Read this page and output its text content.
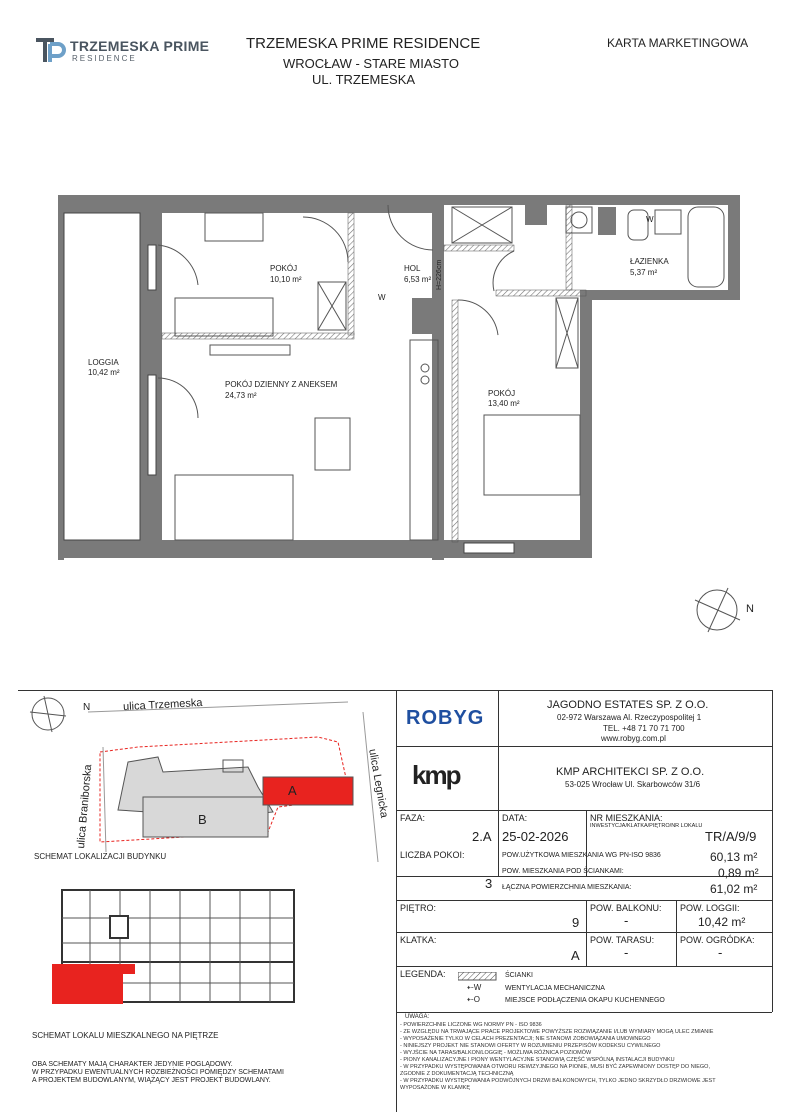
TRZEMESKA PRIME
RESIDENCE
TRZEMESKA PRIME RESIDENCE
WROCŁAW - STARE MIASTO
UL. TRZEMESKA
KARTA MARKETINGOWA
POKÓJ
10,10 m²
HOL
6,53 m²
ŁAZIENKA
5,37 m²
LOGGIA
10,42 m²
POKÓJ DZIENNY Z ANEKSEM
24,73 m²	POKÓJ
13,40 m²
H=226cm
W
W
N
ulica Trzemeska
ulica Braniborska	ulica Legnicka
A
B
N
SCHEMAT LOKALIZACJI BUDYNKU
SCHEMAT LOKALU MIESZKALNEGO NA PIĘTRZE
OBA SCHEMATY MAJĄ CHARAKTER JEDYNIE POGLĄDOWY.
W PRZYPADKU EWENTUALNYCH ROZBIEŻNOŚCI POMIĘDZY SCHEMATAMI
A PROJEKTEM BUDOWLANYM, WIĄŻĄCY JEST PROJEKT BUDOWLANY.
ROBYG
JAGODNO ESTATES SP. Z O.O.
02-972 Warszawa Al. Rzeczypospolitej 1
TEL. +48 71 70 71 700
www.robyg.com.pl
kmp	KMP ARCHITEKCI SP. Z O.O.
53-025 Wrocław Ul. Skarbowców 31/6
FAZA:
2.A
DATA:
25-02-2026
NR MIESZKANIA:
INWESTYCJA/KLATKA/PIĘTRO/NR LOKALU
TR/A/9/9
LICZBA POKOI:
3
POW.UŻYTKOWA MIESZKANIA WG PN-ISO 9836	60,13 m²
POW. MIESZKANIA POD ŚCIANKAMI:	0,89 m²
ŁĄCZNA POWIERZCHNIA MIESZKANIA:	61,02 m²
PIĘTRO:
9
POW. BALKONU:
-
POW. LOGGII:
10,42 m²
KLATKA:
A
POW. TARASU:
-
POW. OGRÓDKA:
-
LEGENDA:	ŚCIANKI
⇠W	WENTYLACJA MECHANICZNA
⇠O	MIEJSCE PODŁĄCZENIA OKAPU KUCHENNEGO
UWAGA:
- POWIERZCHNIE LICZONE WG NORMY PN - ISO 9836
- ZE WZGLĘDU NA TRWAJĄCE PRACE PROJEKTOWE POWYŻSZE ROZWIĄZANIE I/LUB WYMIARY MOGĄ ULEC ZMIANIE
- WYPOSAŻENIE TYLKO W CELACH PREZENTACJI; NIE STANOWI ZOBOWIĄZANIA UMOWNEGO
- NINIEJSZY PROJEKT NIE STANOWI OFERTY W ROZUMIENIU PRZEPISÓW KODEKSU CYWILNEGO
- WYJŚCIE NA TARAS/BALKON/LOGGIĘ - MOŻLIWA RÓŻNICA POZIOMÓW
- PIONY KANALIZACYJNE I PIONY WENTYLACYJNE STANOWIĄ CZĘŚĆ WSPÓLNĄ INSTALACJI BUDYNKU
- W PRZYPADKU WYSTĘPOWANIA OTWORU REWIZYJNEGO NA PIONIE, MUSI BYĆ ZAPEWNIONY DOSTĘP DO NIEGO,
ZGODNIE Z DOKUMENTACJĄ TECHNICZNĄ
- W PRZYPADKU WYSTĘPOWANIA PODWÓJNYCH DRZWI BALKONOWYCH, TYLKO JEDNO SKRZYDŁO DRZWIOWE JEST
WYPOSAŻONE W KLAMKĘ
